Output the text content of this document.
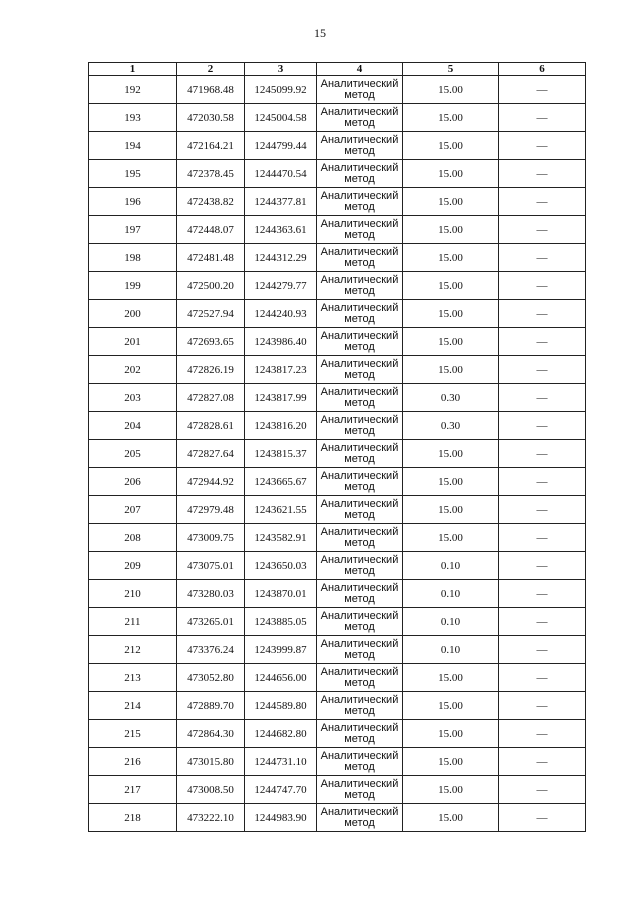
15
1	2	3	4	5	6
192	471968.48	1245099.92	Аналитический
метод	15.00	—
193	472030.58	1245004.58	Аналитический
метод	15.00	—
194	472164.21	1244799.44	Аналитический
метод	15.00	—
195	472378.45	1244470.54	Аналитический
метод	15.00	—
196	472438.82	1244377.81	Аналитический
метод	15.00	—
197	472448.07	1244363.61	Аналитический
метод	15.00	—
198	472481.48	1244312.29	Аналитический
метод	15.00	—
199	472500.20	1244279.77	Аналитический
метод	15.00	—
200	472527.94	1244240.93	Аналитический
метод	15.00	—
201	472693.65	1243986.40	Аналитический
метод	15.00	—
202	472826.19	1243817.23	Аналитический
метод	15.00	—
203	472827.08	1243817.99	Аналитический
метод	0.30	—
204	472828.61	1243816.20	Аналитический
метод	0.30	—
205	472827.64	1243815.37	Аналитический
метод	15.00	—
206	472944.92	1243665.67	Аналитический
метод	15.00	—
207	472979.48	1243621.55	Аналитический
метод	15.00	—
208	473009.75	1243582.91	Аналитический
метод	15.00	—
209	473075.01	1243650.03	Аналитический
метод	0.10	—
210	473280.03	1243870.01	Аналитический
метод	0.10	—
211	473265.01	1243885.05	Аналитический
метод	0.10	—
212	473376.24	1243999.87	Аналитический
метод	0.10	—
213	473052.80	1244656.00	Аналитический
метод	15.00	—
214	472889.70	1244589.80	Аналитический
метод	15.00	—
215	472864.30	1244682.80	Аналитический
метод	15.00	—
216	473015.80	1244731.10	Аналитический
метод	15.00	—
217	473008.50	1244747.70	Аналитический
метод	15.00	—
218	473222.10	1244983.90	Аналитический
метод	15.00	—
